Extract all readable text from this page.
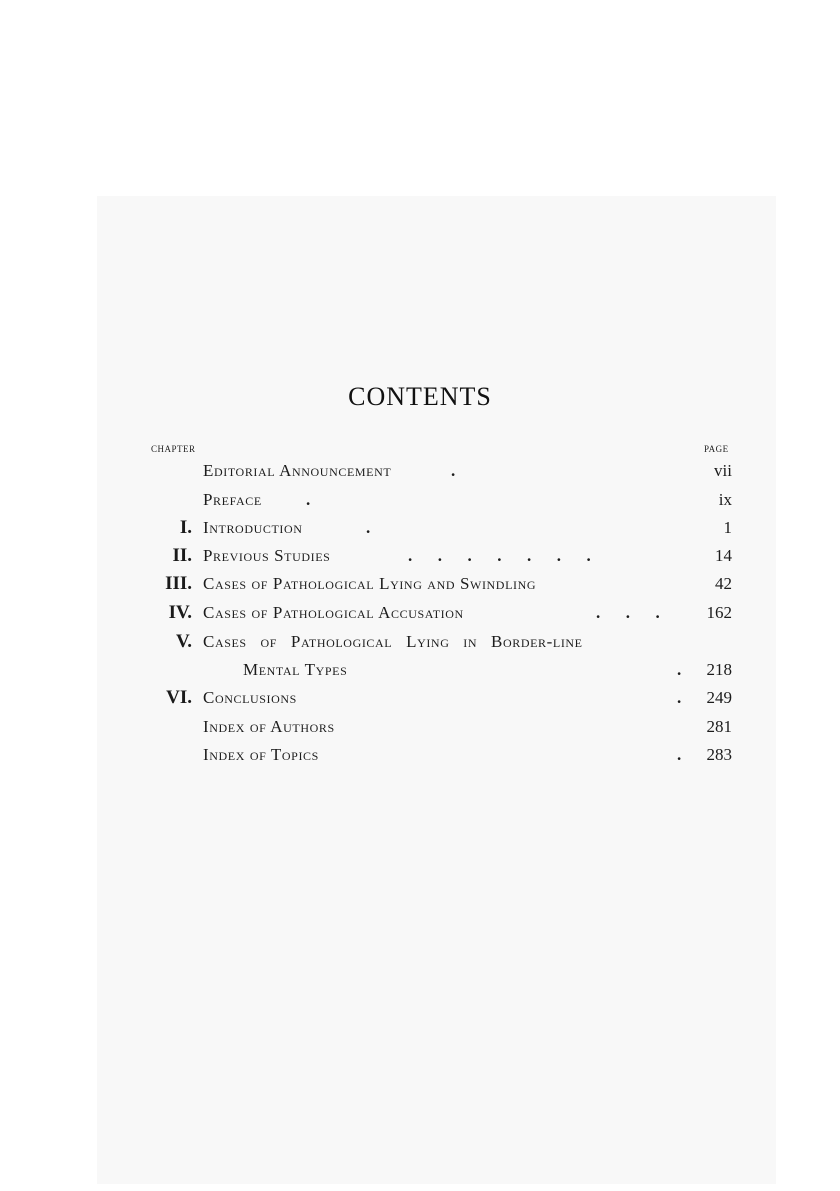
CONTENTS
CHAPTER	PAGE
Editorial Announcement	.	vii
Preface	.	ix
I. Introduction	.	1
II. Previous Studies	.      .      .      .      .      .      .	14
III. Cases of Pathological Lying and Swindling	42
IV. Cases of Pathological Accusation	.      .      .	162
V. Cases of Pathological Lying in Border-line
Mental Types	. 218
VI. Conclusions	. 249
Index of Authors	281
Index of Topics	. 283
